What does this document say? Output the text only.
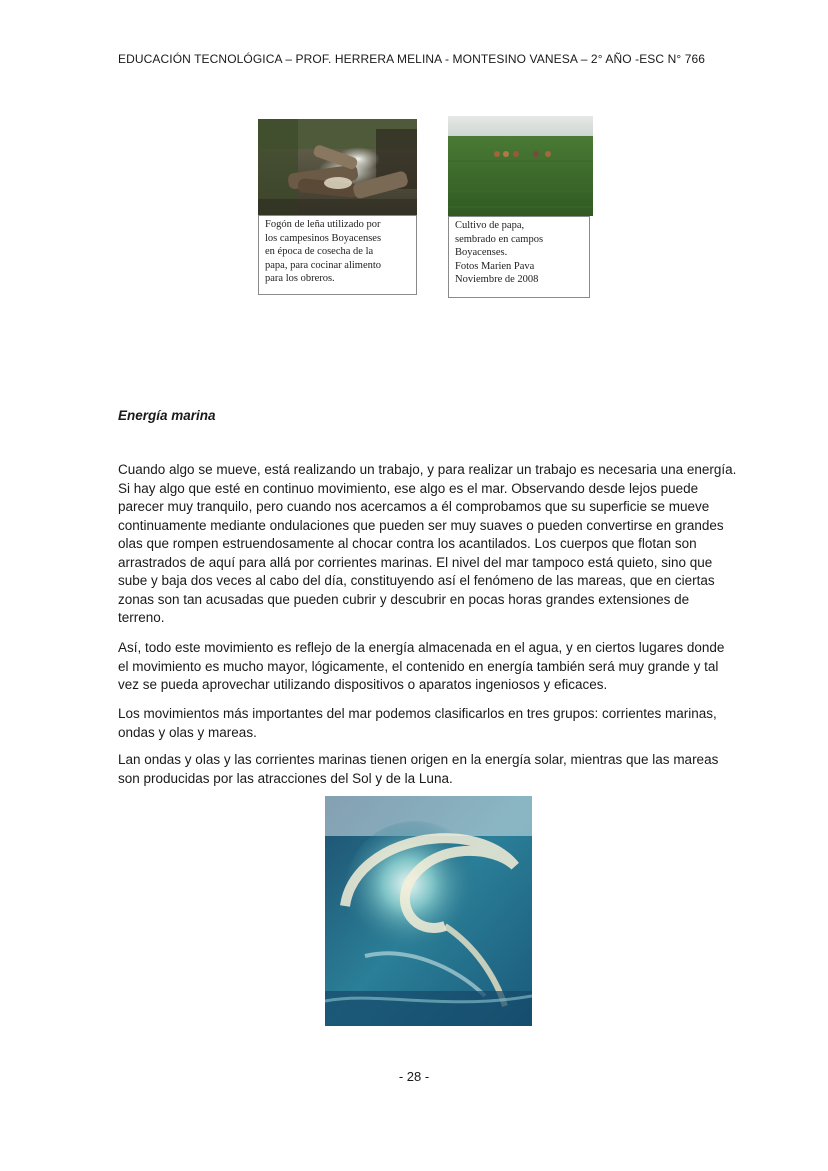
EDUCACIÓN TECNOLÓGICA – PROF. HERRERA MELINA - MONTESINO VANESA – 2° AÑO -ESC N° 766
Fogón de leña utilizado por
los campesinos Boyacenses
en época de cosecha de la
papa, para cocinar alimento
para los obreros.
Cultivo de papa,
sembrado en campos
Boyacenses.
Fotos Marien Pava
Noviembre de 2008
Energía marina

Cuando algo se mueve, está realizando un trabajo, y para realizar un trabajo es necesaria una energía. Si hay algo que esté en continuo movimiento, ese algo es el mar. Observando desde lejos puede parecer muy tranquilo, pero cuando nos acercamos a él comprobamos que su superficie se mueve continuamente mediante ondulaciones que pueden ser muy suaves o pueden convertirse en grandes olas que rompen estruendosamente al chocar contra los acantilados. Los cuerpos que flotan son arrastrados de aquí para allá por corrientes marinas. El nivel del mar tampoco está quieto, sino que sube y baja dos veces al cabo del día, constituyendo así el fenómeno de las mareas, que en ciertas zonas son tan acusadas que pueden cubrir y descubrir en pocas horas grandes extensiones de terreno.

Así, todo este movimiento es reflejo de la energía almacenada en el agua, y en ciertos lugares donde el movimiento es mucho mayor, lógicamente, el contenido en energía también será muy grande y tal vez se pueda aprovechar utilizando dispositivos o aparatos ingeniosos y eficaces.

Los movimientos más importantes del mar podemos clasificarlos en tres grupos: corrientes marinas, ondas y olas y mareas.

Lan ondas y olas y las corrientes marinas tienen origen en la energía solar, mientras que las mareas son producidas por las atracciones del Sol y de la Luna.

- 28 -
